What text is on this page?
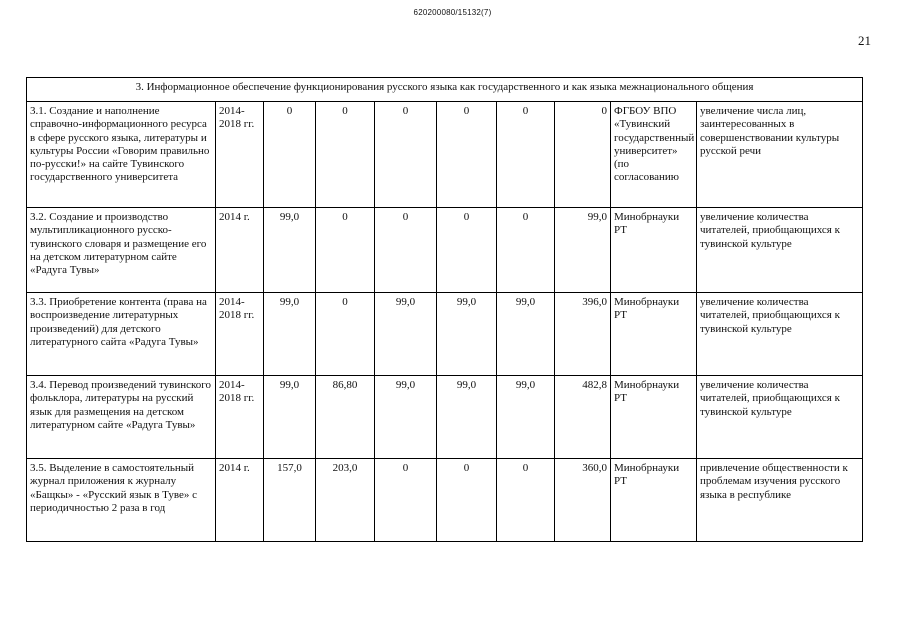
620200080/15132(7)
21
3. Информационное обеспечение функционирования русского языка как государственного и как языка межнационального общения									
3.1. Создание и наполнение справочно-информационного ресурса в сфере русского языка, литературы и культуры России «Говорим правильно по-русски!» на сайте Тувинского государственного университета	2014-2018 гг.	0	0	0	0	0	0	ФГБОУ ВПО «Тувинский государственный университет» (по согласованию	увеличение числа лиц, заинтересованных в совершенствовании культуры русской речи
3.2. Создание и производство мультипликационного русско-тувинского словаря и размещение его на детском литературном сайте «Радуга Тувы»	2014 г.	99,0	0	0	0	0	99,0	Минобрнауки РТ	увеличение количества читателей, приобщающихся к тувинской культуре
3.3. Приобретение контента (права на воспроизведение литературных произведений) для детского литературного сайта «Радуга Тувы»	2014-2018 гг.	99,0	0	99,0	99,0	99,0	396,0	Минобрнауки РТ	увеличение количества читателей, приобщающихся к тувинской культуре
3.4. Перевод произведений тувинского фольклора, литературы на русский язык для размещения на детском литературном сайте «Радуга Тувы»	2014-2018 гг.	99,0	86,80	99,0	99,0	99,0	482,8	Минобрнауки РТ	увеличение количества читателей, приобщающихся к тувинской культуре
3.5. Выделение в самостоятельный журнал приложения к журналу «Бащкы» - «Русский язык в Туве» с периодичностью 2 раза в год	2014 г.	157,0	203,0	0	0	0	360,0	Минобрнауки РТ	привлечение общественности к проблемам изучения русского языка в республике
